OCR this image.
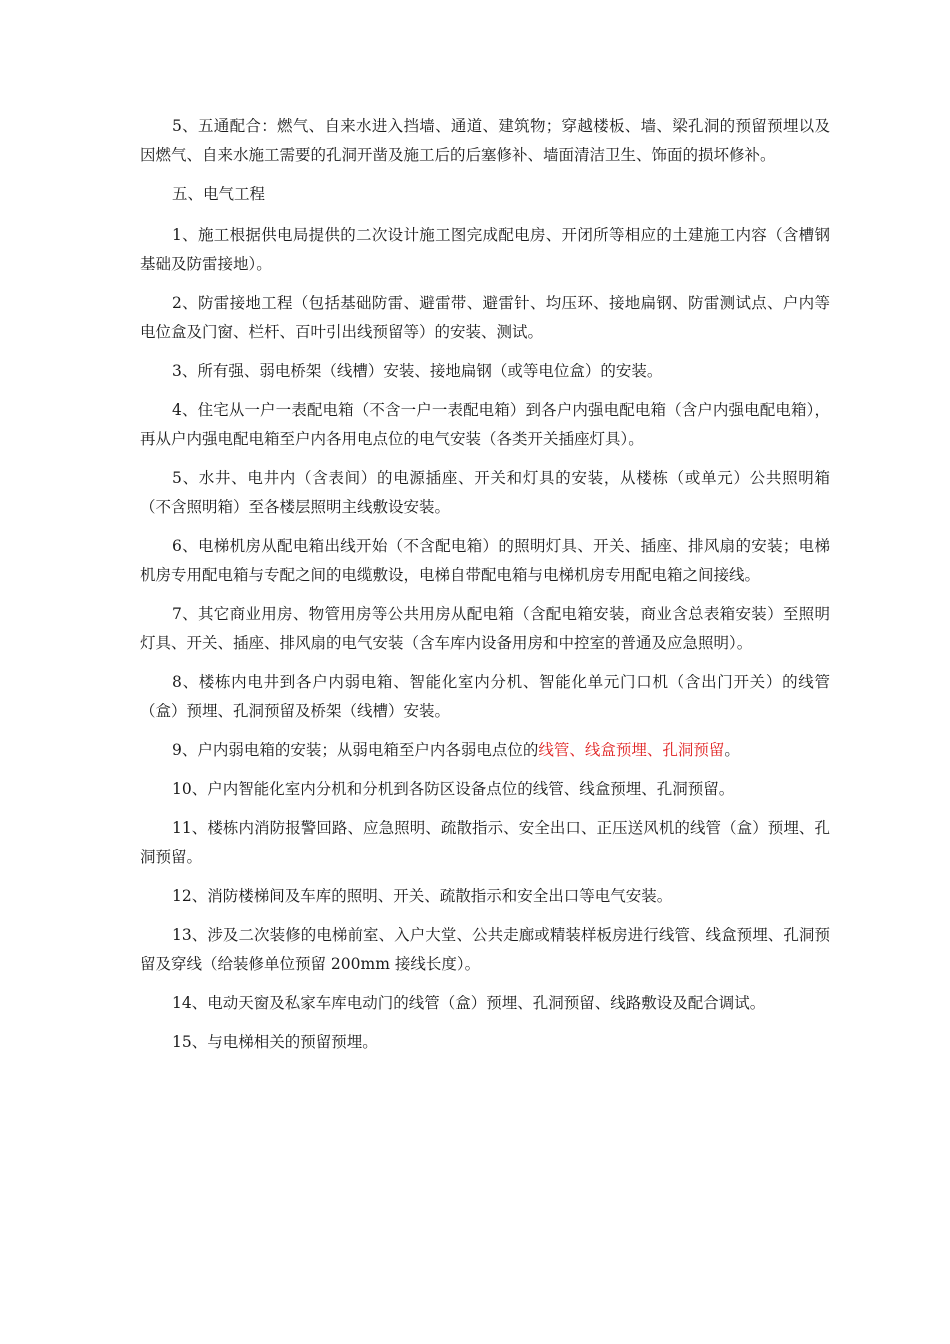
5、五通配合：燃气、自来水进入挡墙、通道、建筑物；穿越楼板、墙、梁孔洞的预留预埋以及因燃气、自来水施工需要的孔洞开凿及施工后的后塞修补、墙面清洁卫生、饰面的损坏修补。

五、电气工程

1、施工根据供电局提供的二次设计施工图完成配电房、开闭所等相应的土建施工内容（含槽钢基础及防雷接地）。

2、防雷接地工程（包括基础防雷、避雷带、避雷针、均压环、接地扁钢、防雷测试点、户内等电位盒及门窗、栏杆、百叶引出线预留等）的安装、测试。

3、所有强、弱电桥架（线槽）安装、接地扁钢（或等电位盒）的安装。

4、住宅从一户一表配电箱（不含一户一表配电箱）到各户内强电配电箱（含户内强电配电箱），再从户内强电配电箱至户内各用电点位的电气安装（各类开关插座灯具）。

5、水井、电井内（含表间）的电源插座、开关和灯具的安装，从楼栋（或单元）公共照明箱（不含照明箱）至各楼层照明主线敷设安装。

6、电梯机房从配电箱出线开始（不含配电箱）的照明灯具、开关、插座、排风扇的安装；电梯机房专用配电箱与专配之间的电缆敷设，电梯自带配电箱与电梯机房专用配电箱之间接线。

7、其它商业用房、物管用房等公共用房从配电箱（含配电箱安装，商业含总表箱安装）至照明灯具、开关、插座、排风扇的电气安装（含车库内设备用房和中控室的普通及应急照明）。

8、楼栋内电井到各户内弱电箱、智能化室内分机、智能化单元门口机（含出门开关）的线管（盒）预埋、孔洞预留及桥架（线槽）安装。

9、户内弱电箱的安装；从弱电箱至户内各弱电点位的线管、线盒预埋、孔洞预留。

10、户内智能化室内分机和分机到各防区设备点位的线管、线盒预埋、孔洞预留。

11、楼栋内消防报警回路、应急照明、疏散指示、安全出口、正压送风机的线管（盒）预埋、孔洞预留。

12、消防楼梯间及车库的照明、开关、疏散指示和安全出口等电气安装。

13、涉及二次装修的电梯前室、入户大堂、公共走廊或精装样板房进行线管、线盒预埋、孔洞预留及穿线（给装修单位预留 200mm 接线长度）。

14、电动天窗及私家车库电动门的线管（盒）预埋、孔洞预留、线路敷设及配合调试。

15、与电梯相关的预留预埋。
